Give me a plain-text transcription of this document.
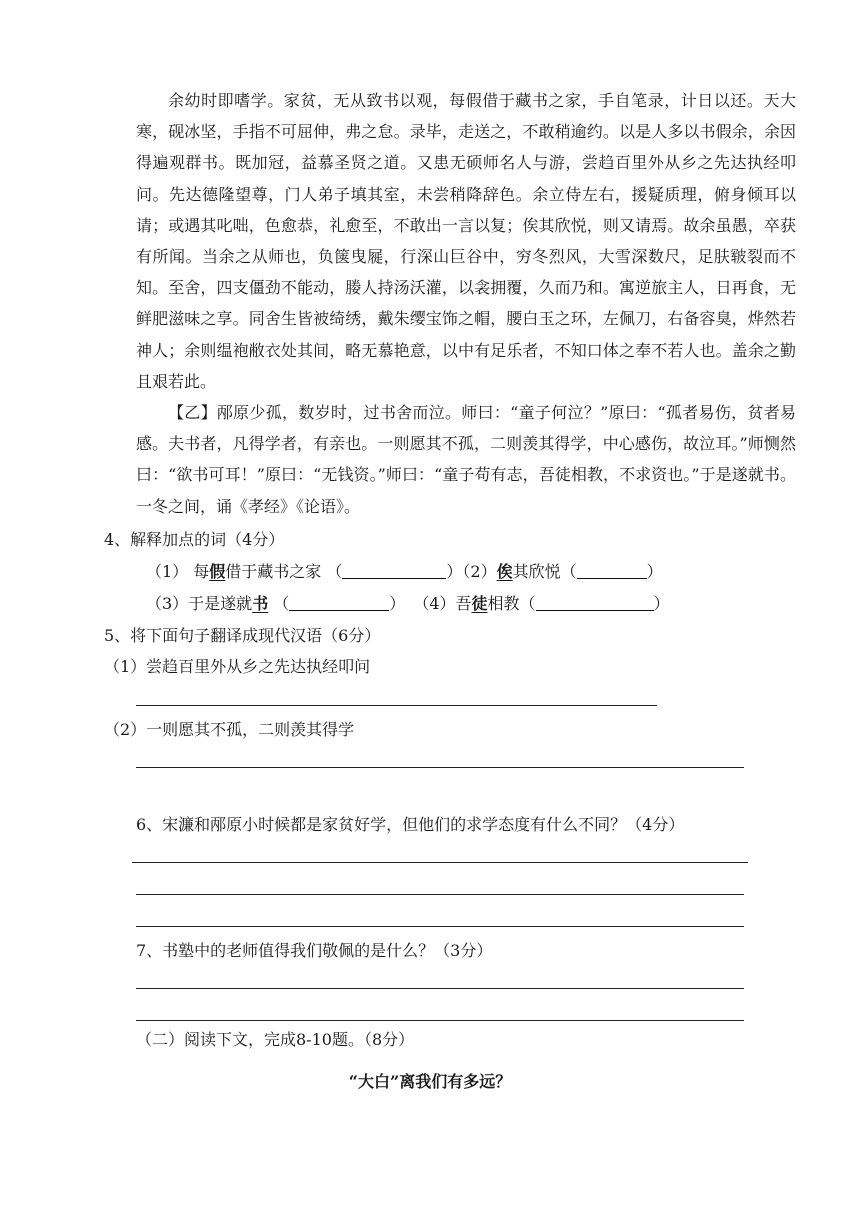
余幼时即嗜学。家贫，无从致书以观，每假借于藏书之家，手自笔录，计日以还。天大寒，砚冰坚，手指不可屈伸，弗之怠。录毕，走送之，不敢稍逾约。以是人多以书假余，余因得遍观群书。既加冠，益慕圣贤之道。又患无硕师名人与游，尝趋百里外从乡之先达执经叩问。先达德隆望尊，门人弟子填其室，未尝稍降辞色。余立侍左右，援疑质理，俯身倾耳以请；或遇其叱咄，色愈恭，礼愈至，不敢出一言以复；俟其欣悦，则又请焉。故余虽愚，卒获有所闻。当余之从师也，负箧曳屣，行深山巨谷中，穷冬烈风，大雪深数尺，足肤皲裂而不知。至舍，四支僵劲不能动，媵人持汤沃灌，以衾拥覆，久而乃和。寓逆旅主人，日再食，无鲜肥滋味之享。同舍生皆被绮绣，戴朱缨宝饰之帽，腰白玉之环，左佩刀，右备容臭，烨然若神人；余则缊袍敝衣处其间，略无慕艳意，以中有足乐者，不知口体之奉不若人也。盖余之勤且艰若此。

【乙】邴原少孤，数岁时，过书舍而泣。师曰：“童子何泣？”原曰：“孤者易伤，贫者易感。夫书者，凡得学者，有亲也。一则愿其不孤，二则羡其得学，中心感伤，故泣耳。”师恻然曰：“欲书可耳！”原曰：“无钱资。”师曰：“童子苟有志，吾徒相教，不求资也。”于是遂就书。一冬之间，诵《孝经》《论语》。

4、解释加点的词（4分）
（1） 每假借于藏书之家 （	）（2）俟其欣悦（	）
（3）于是遂就书 （	） （4）吾徒相教（	）
5、将下面句子翻译成现代汉语（6分）
（1）尝趋百里外从乡之先达执经叩问
（2）一则愿其不孤，二则羡其得学
6、宋濂和邴原小时候都是家贫好学，但他们的求学态度有什么不同？（4分）
7、书塾中的老师值得我们敬佩的是什么？（3分）
（二）阅读下文，完成8-10题。（8分）
“大白”离我们有多远？
